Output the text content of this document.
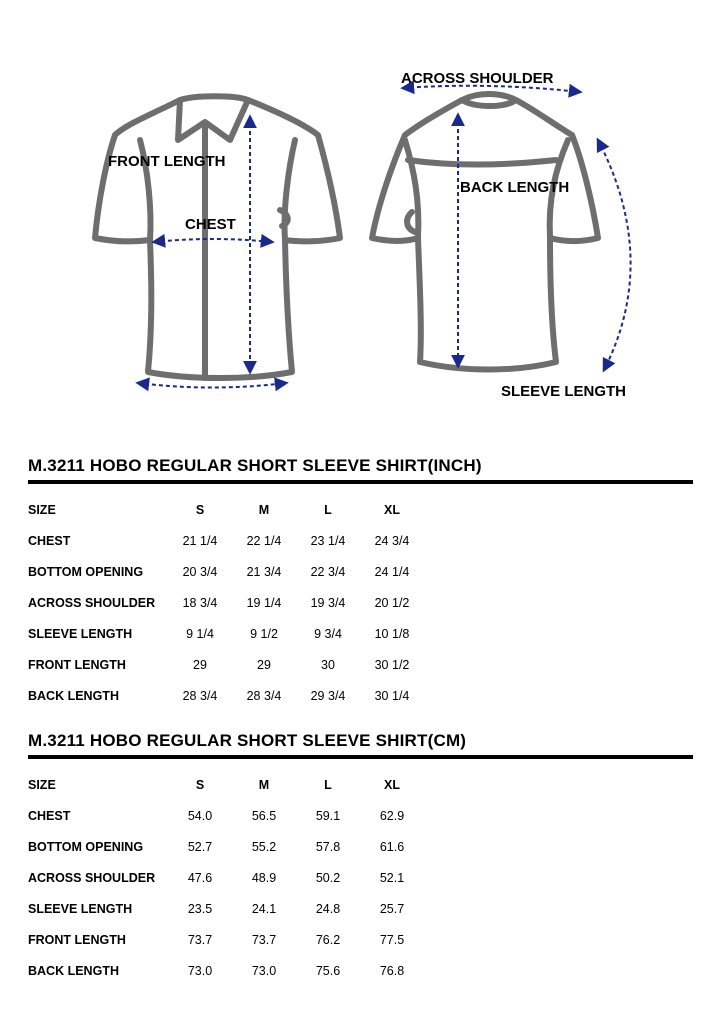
FRONT LENGTH
CHEST
ACROSS SHOULDER
BACK LENGTH
SLEEVE LENGTH
M.3211 HOBO REGULAR SHORT SLEEVE SHIRT(INCH)
SIZE	S	M	L	XL
CHEST	21 1/4	22 1/4	23 1/4	24 3/4
BOTTOM OPENING	20 3/4	21 3/4	22 3/4	24 1/4
ACROSS SHOULDER	18 3/4	19 1/4	19 3/4	20 1/2
SLEEVE LENGTH	9 1/4	9 1/2	9 3/4	10 1/8
FRONT LENGTH	29	29	30	30 1/2
BACK LENGTH	28 3/4	28 3/4	29 3/4	30 1/4
M.3211 HOBO REGULAR SHORT SLEEVE SHIRT(CM)
SIZE	S	M	L	XL
CHEST	54.0	56.5	59.1	62.9
BOTTOM OPENING	52.7	55.2	57.8	61.6
ACROSS SHOULDER	47.6	48.9	50.2	52.1
SLEEVE LENGTH	23.5	24.1	24.8	25.7
FRONT LENGTH	73.7	73.7	76.2	77.5
BACK LENGTH	73.0	73.0	75.6	76.8
